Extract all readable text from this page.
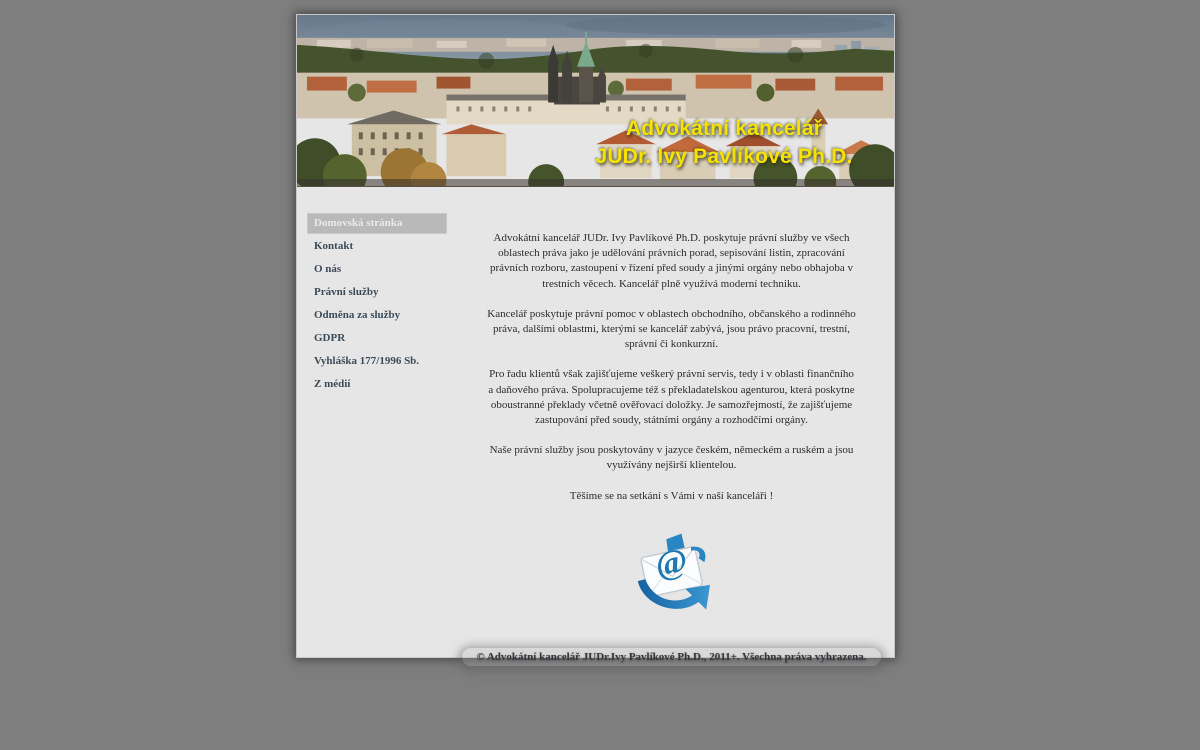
Advokátní kancelář
JUDr. Ivy Pavlíkové Ph.D.
Domovská stránka
Kontakt
O nás
Právní služby
Odměna za služby
GDPR
Vyhláška 177/1996 Sb.
Z médií

Advokátní kancelář JUDr. Ivy Pavlíkové Ph.D. poskytuje právní služby ve všech oblastech práva jako je udělování právních porad, sepisování listin, zpracování právních rozboru, zastoupení v řízení před soudy a jinými orgány nebo obhajoba v trestních věcech. Kancelář plně využívá moderní techniku.

Kancelář poskytuje právní pomoc v oblastech obchodního, občanského a rodinného práva, dalšími oblastmi, kterými se kancelář zabývá, jsou právo pracovní, trestní, správní či konkurzní.

Pro řadu klientů však zajišťujeme veškerý právní servis, tedy i v oblasti finančního a daňového práva. Spolupracujeme též s překladatelskou agenturou, která poskytne oboustranné překlady včetně ověřovací doložky. Je samozřejmostí, že zajišťujeme zastupování před soudy, státními orgány a rozhodčími orgány.

Naše právní služby jsou poskytovány v jazyce českém, německém a ruském a jsou využívány nejširší klientelou.

Těšíme se na setkání s Vámi v naší kanceláři !

@
© Advokátní kancelář JUDr.Ivy Pavlíkové Ph.D., 2011+. Všechna práva vyhrazena.
